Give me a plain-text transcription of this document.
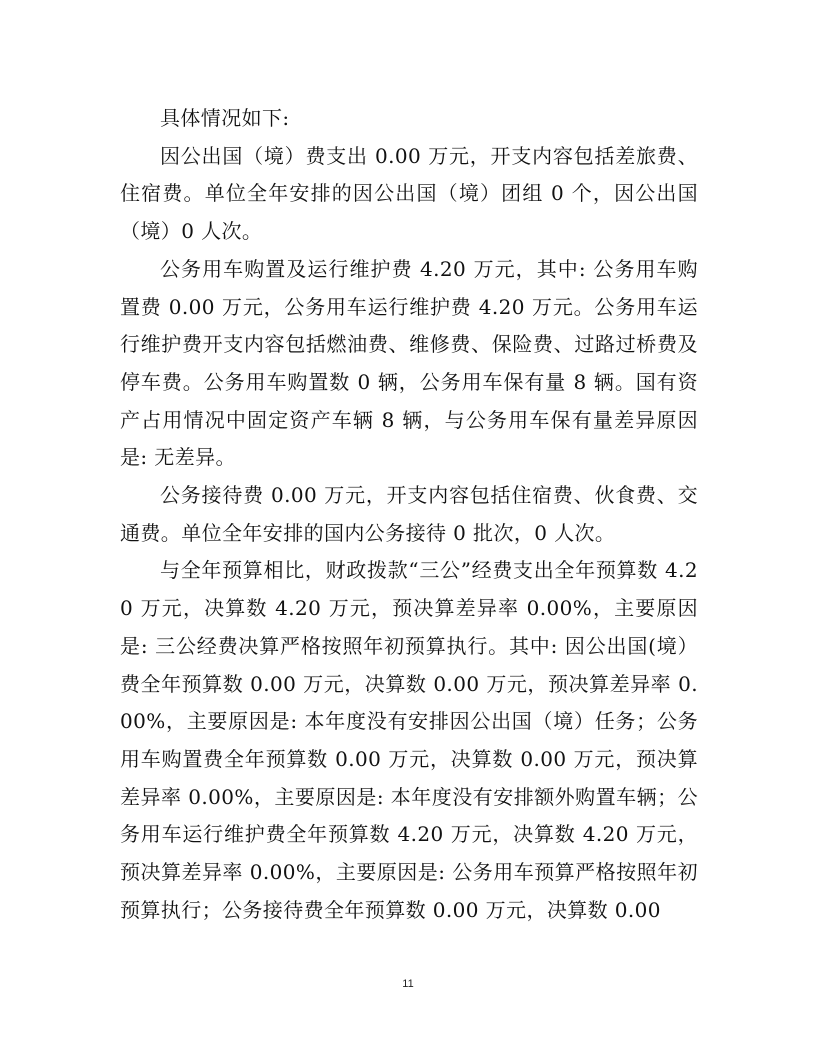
具体情况如下:

因公出国（境）费支出 0.00 万元，开支内容包括差旅费、住宿费。单位全年安排的因公出国（境）团组 0 个，因公出国（境）0 人次。

公务用车购置及运行维护费 4.20 万元，其中: 公务用车购置费 0.00 万元，公务用车运行维护费 4.20 万元。公务用车运行维护费开支内容包括燃油费、维修费、保险费、过路过桥费及停车费。公务用车购置数 0 辆，公务用车保有量 8 辆。国有资产占用情况中固定资产车辆 8 辆，与公务用车保有量差异原因是: 无差异。

公务接待费 0.00 万元，开支内容包括住宿费、伙食费、交通费。单位全年安排的国内公务接待 0 批次，0 人次。

与全年预算相比，财政拨款“三公”经费支出全年预算数 4.20 万元，决算数 4.20 万元，预决算差异率 0.00%，主要原因是: 三公经费决算严格按照年初预算执行。其中: 因公出国(境）费全年预算数 0.00 万元，决算数 0.00 万元，预决算差异率 0.00%，主要原因是: 本年度没有安排因公出国（境）任务；公务用车购置费全年预算数 0.00 万元，决算数 0.00 万元，预决算差异率 0.00%，主要原因是: 本年度没有安排额外购置车辆；公务用车运行维护费全年预算数 4.20 万元，决算数 4.20 万元，预决算差异率 0.00%，主要原因是: 公务用车预算严格按照年初预算执行；公务接待费全年预算数 0.00 万元，决算数 0.00

11
